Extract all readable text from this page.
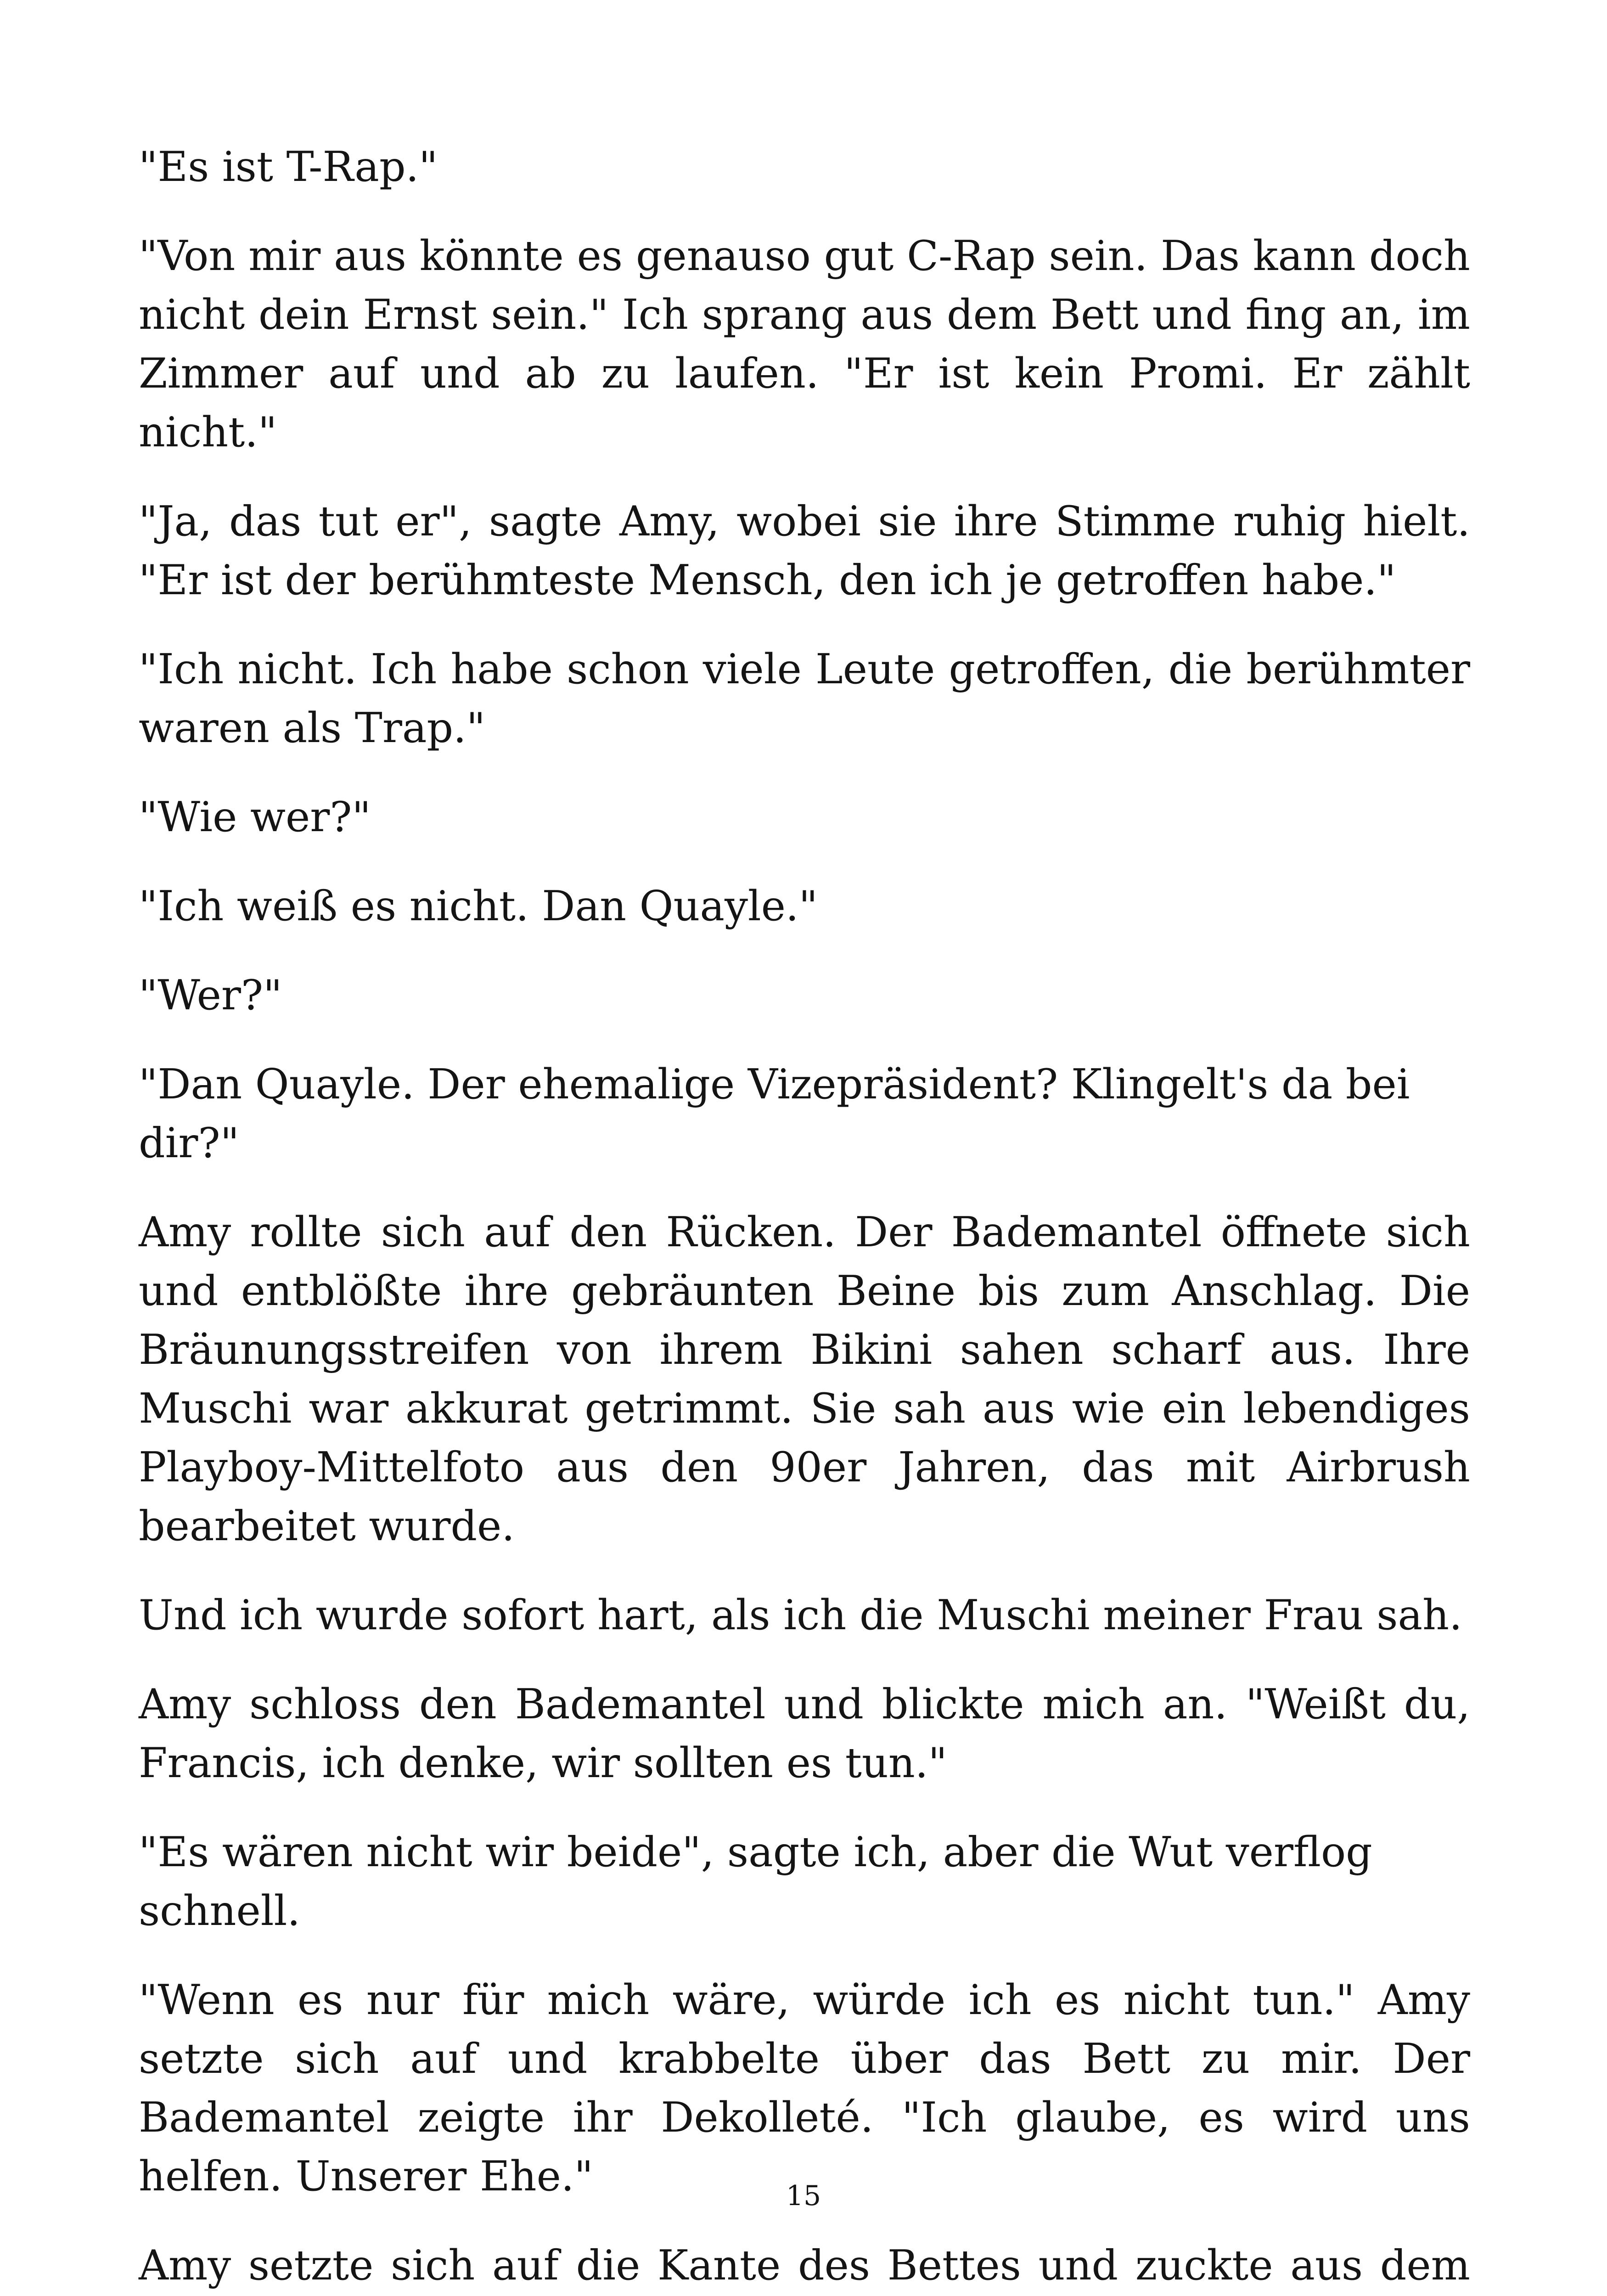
"Es ist T-Rap."

"Von mir aus könnte es genauso gut C-Rap sein. Das kann doch nicht dein Ernst sein." Ich sprang aus dem Bett und fing an, im Zimmer auf und ab zu laufen. "Er ist kein Promi. Er zählt nicht."

"Ja, das tut er", sagte Amy, wobei sie ihre Stimme ruhig hielt. "Er ist der berühmteste Mensch, den ich je getroffen habe."

"Ich nicht. Ich habe schon viele Leute getroffen, die berühmter waren als Trap."

"Wie wer?"

"Ich weiß es nicht. Dan Quayle."

"Wer?"

"Dan Quayle. Der ehemalige Vizepräsident? Klingelt's da bei dir?"

Amy rollte sich auf den Rücken. Der Bademantel öffnete sich und entblößte ihre gebräunten Beine bis zum Anschlag. Die Bräunungsstreifen von ihrem Bikini sahen scharf aus. Ihre Muschi war akkurat getrimmt. Sie sah aus wie ein lebendiges Playboy-Mittelfoto aus den 90er Jahren, das mit Airbrush bearbeitet wurde.

Und ich wurde sofort hart, als ich die Muschi meiner Frau sah.

Amy schloss den Bademantel und blickte mich an. "Weißt du, Francis, ich denke, wir sollten es tun."

"Es wären nicht wir beide", sagte ich, aber die Wut verflog schnell.

"Wenn es nur für mich wäre, würde ich es nicht tun." Amy setzte sich auf und krabbelte über das Bett zu mir. Der Bademantel zeigte ihr Dekolleté. "Ich glaube, es wird uns helfen. Unserer Ehe."

Amy setzte sich auf die Kante des Bettes und zuckte aus dem

15
